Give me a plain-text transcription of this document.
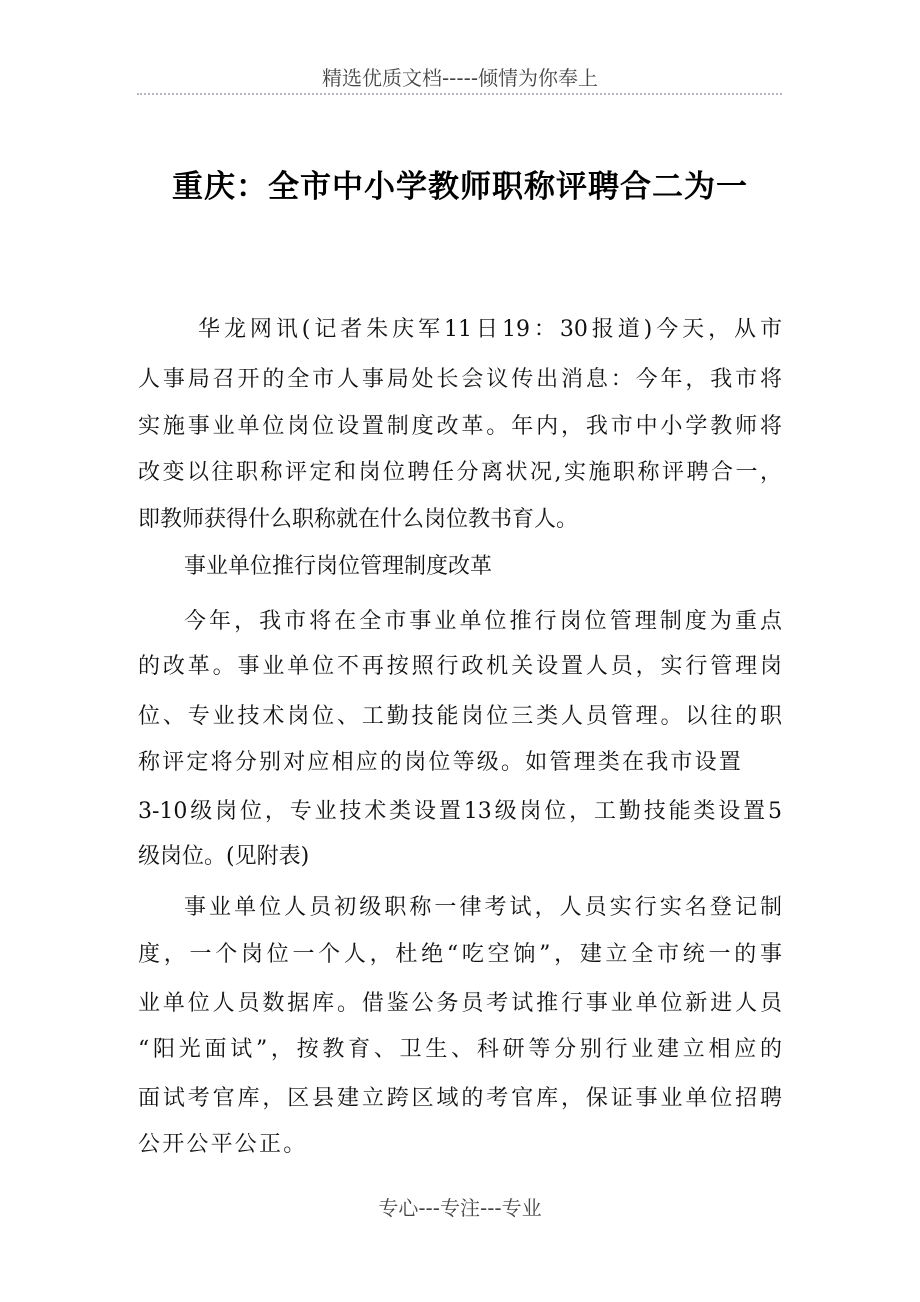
精选优质文档-----倾情为你奉上
重庆：全市中小学教师职称评聘合二为一
华龙网讯(记者朱庆军11日19：30报道)今天，从市
人事局召开的全市人事局处长会议传出消息：今年，我市将
实施事业单位岗位设置制度改革。年内，我市中小学教师将
改变以往职称评定和岗位聘任分离状况,实施职称评聘合一，
即教师获得什么职称就在什么岗位教书育人。
事业单位推行岗位管理制度改革
今年，我市将在全市事业单位推行岗位管理制度为重点
的改革。事业单位不再按照行政机关设置人员，实行管理岗
位、专业技术岗位、工勤技能岗位三类人员管理。以往的职
称评定将分别对应相应的岗位等级。如管理类在我市设置
3-10级岗位，专业技术类设置13级岗位，工勤技能类设置5
级岗位。(见附表)
事业单位人员初级职称一律考试，人员实行实名登记制
度，一个岗位一个人，杜绝“吃空饷”，建立全市统一的事
业单位人员数据库。借鉴公务员考试推行事业单位新进人员
“阳光面试”，按教育、卫生、科研等分别行业建立相应的
面试考官库，区县建立跨区域的考官库，保证事业单位招聘
公开公平公正。
专心---专注---专业
